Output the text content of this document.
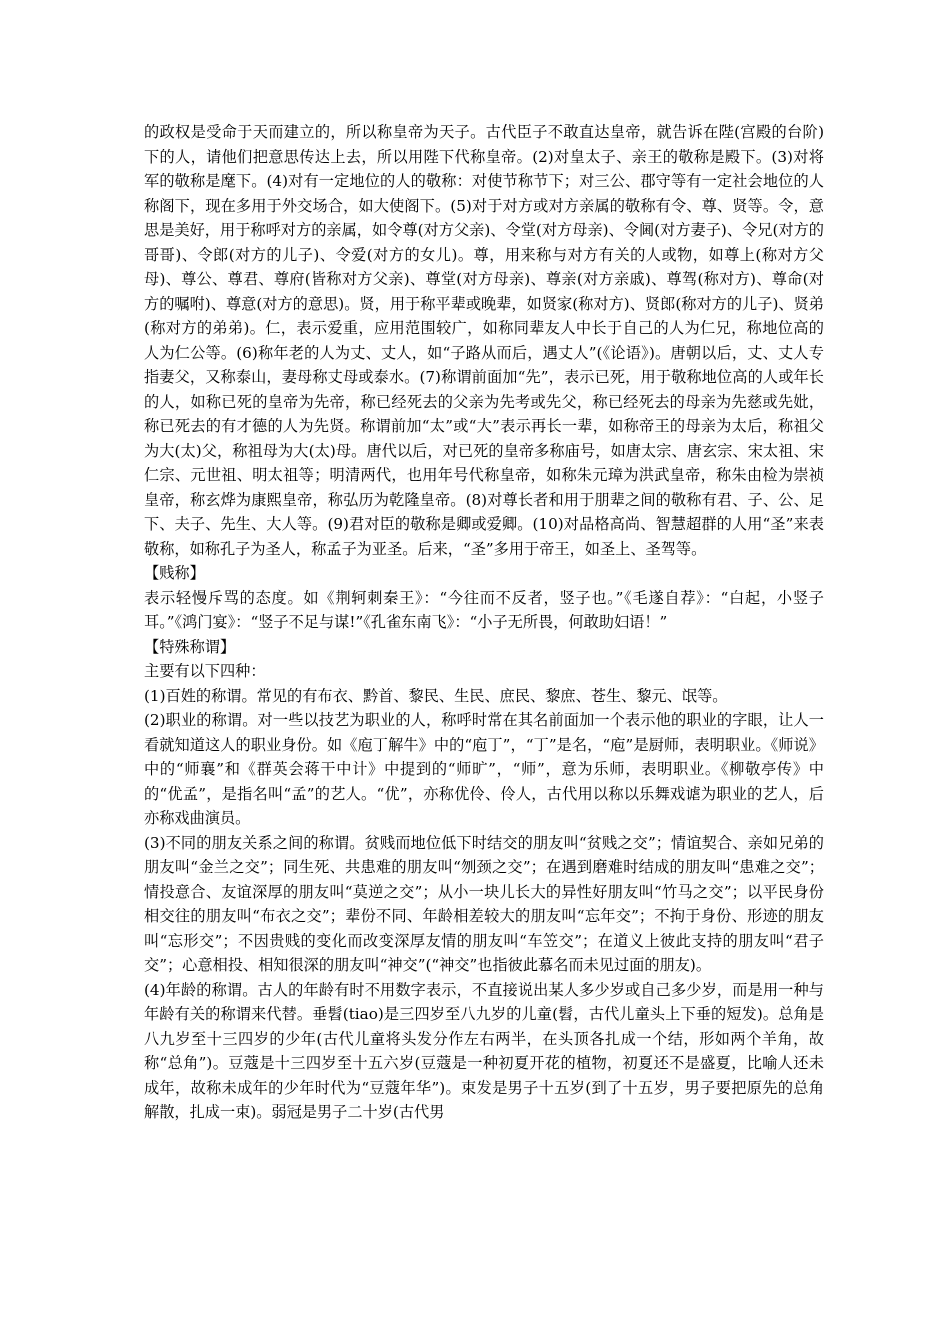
的政权是受命于天而建立的，所以称皇帝为天子。古代臣子不敢直达皇帝，就告诉在陛(宫殿的台阶)下的人，请他们把意思传达上去，所以用陛下代称皇帝。(2)对皇太子、亲王的敬称是殿下。(3)对将军的敬称是麾下。(4)对有一定地位的人的敬称：对使节称节下；对三公、郡守等有一定社会地位的人称阁下，现在多用于外交场合，如大使阁下。(5)对于对方或对方亲属的敬称有令、尊、贤等。令，意思是美好，用于称呼对方的亲属，如令尊(对方父亲)、令堂(对方母亲)、令阃(对方妻子)、令兄(对方的哥哥)、令郎(对方的儿子)、令爱(对方的女儿)。尊，用来称与对方有关的人或物，如尊上(称对方父母)、尊公、尊君、尊府(皆称对方父亲)、尊堂(对方母亲)、尊亲(对方亲戚)、尊驾(称对方)、尊命(对方的嘱咐)、尊意(对方的意思)。贤，用于称平辈或晚辈，如贤家(称对方)、贤郎(称对方的儿子)、贤弟(称对方的弟弟)。仁，表示爱重，应用范围较广，如称同辈友人中长于自己的人为仁兄，称地位高的人为仁公等。(6)称年老的人为丈、丈人，如“子路从而后，遇丈人”(《论语》)。唐朝以后，丈、丈人专指妻父，又称泰山，妻母称丈母或泰水。(7)称谓前面加“先”，表示已死，用于敬称地位高的人或年长的人，如称已死的皇帝为先帝，称已经死去的父亲为先考或先父，称已经死去的母亲为先慈或先妣，称已死去的有才德的人为先贤。称谓前加“太”或“大”表示再长一辈，如称帝王的母亲为太后，称祖父为大(太)父，称祖母为大(太)母。唐代以后，对已死的皇帝多称庙号，如唐太宗、唐玄宗、宋太祖、宋仁宗、元世祖、明太祖等；明清两代，也用年号代称皇帝，如称朱元璋为洪武皇帝，称朱由检为崇祯皇帝，称玄烨为康熙皇帝，称弘历为乾隆皇帝。(8)对尊长者和用于朋辈之间的敬称有君、子、公、足下、夫子、先生、大人等。(9)君对臣的敬称是卿或爱卿。(10)对品格高尚、智慧超群的人用“圣”来表敬称，如称孔子为圣人，称孟子为亚圣。后来，“圣”多用于帝王，如圣上、圣驾等。

【贱称】

表示轻慢斥骂的态度。如《荆轲刺秦王》：“今往而不反者，竖子也。”《毛遂自荐》：“白起，小竖子耳。”《鸿门宴》：“竖子不足与谋!”《孔雀东南飞》：“小子无所畏，何敢助妇语！”

【特殊称谓】

主要有以下四种：

(1)百姓的称谓。常见的有布衣、黔首、黎民、生民、庶民、黎庶、苍生、黎元、氓等。

(2)职业的称谓。对一些以技艺为职业的人，称呼时常在其名前面加一个表示他的职业的字眼，让人一看就知道这人的职业身份。如《庖丁解牛》中的“庖丁”，“丁”是名，“庖”是厨师，表明职业。《师说》中的“师襄”和《群英会蒋干中计》中提到的“师旷”，“师”，意为乐师，表明职业。《柳敬亭传》中的“优孟”，是指名叫“孟”的艺人。“优”，亦称优伶、伶人，古代用以称以乐舞戏谑为职业的艺人，后亦称戏曲演员。

(3)不同的朋友关系之间的称谓。贫贱而地位低下时结交的朋友叫“贫贱之交”；情谊契合、亲如兄弟的朋友叫“金兰之交”；同生死、共患难的朋友叫“刎颈之交”；在遇到磨难时结成的朋友叫“患难之交”；情投意合、友谊深厚的朋友叫“莫逆之交”；从小一块儿长大的异性好朋友叫“竹马之交”；以平民身份相交往的朋友叫“布衣之交”；辈份不同、年龄相差较大的朋友叫“忘年交”；不拘于身份、形迹的朋友叫“忘形交”；不因贵贱的变化而改变深厚友情的朋友叫“车笠交”；在道义上彼此支持的朋友叫“君子交”；心意相投、相知很深的朋友叫“神交”(“神交”也指彼此慕名而未见过面的朋友)。

(4)年龄的称谓。古人的年龄有时不用数字表示，不直接说出某人多少岁或自己多少岁，而是用一种与年龄有关的称谓来代替。垂髫(tiao)是三四岁至八九岁的儿童(髫，古代儿童头上下垂的短发)。总角是八九岁至十三四岁的少年(古代儿童将头发分作左右两半，在头顶各扎成一个结，形如两个羊角，故称“总角”)。豆蔻是十三四岁至十五六岁(豆蔻是一种初夏开花的植物，初夏还不是盛夏，比喻人还未成年，故称未成年的少年时代为“豆蔻年华”)。束发是男子十五岁(到了十五岁，男子要把原先的总角解散，扎成一束)。弱冠是男子二十岁(古代男
